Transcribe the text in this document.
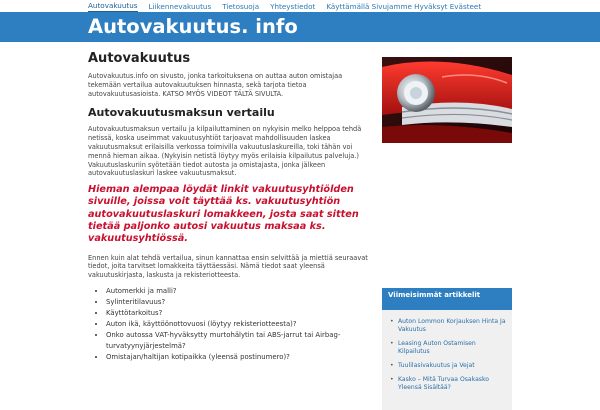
Autovakuutus Liikennevakuutus Tietosuoja Yhteystiedot Käyttämällä Sivujamme Hyväksyt Evästeet
Autovakuutus. info
Autovakuutus

Autovakuutus.info on sivusto, jonka tarkoituksena on auttaa auton omistajaa tekemään vertailua autovakuutuksen hinnasta, sekä tarjota tietoa autovakuutusasioista. KATSO MYÖS VIDEOT TÄLTÄ SIVULTA.

Autovakuutusmaksun vertailu

Autovakuutusmaksun vertailu ja kilpailuttaminen on nykyisin melko helppoa tehdä netissä, koska useimmat vakuutusyhtiöt tarjoavat mahdollisuuden laskea vakuutusmaksut erilaisilla verkossa toimivilla vakuutuslaskureilla, toki tähän voi mennä hieman aikaa. (Nykyisin netistä löytyy myös erilaisia kilpailutus palveluja.) Vakuutuslaskuriin syötetään tiedot autosta ja omistajasta, jonka jälkeen autovakuutuslaskuri laskee vakuutusmaksut.

Hieman alempaa löydät linkit vakuutusyhtiölden sivuille, joissa voit täyttää ks. vakuutusyhtiön autovakuutuslaskuri lomakkeen, josta saat sitten tietää paljonko autosi vakuutus maksaa ks. vakuutusyhtiössä.

Ennen kuin alat tehdä vertailua, sinun kannattaa ensin selvittää ja miettiä seuraavat tiedot, joita tarvitset lomakkeita täyttäessäsi. Nämä tiedot saat yleensä vakuutuskirjasta, laskusta ja rekisteriotteesta.

• Automerkki ja malli?
• Sylinteritilavuus?
• Käyttötarkoitus?
• Auton ikä, käyttöönottovuosi (löytyy rekisteriotteesta)?
• Onko autossa VAT-hyväksytty murtohälytin tai ABS-jarrut tai Airbag-turvatyynyjärjestelmä?
• Omistajan/haltijan kotipaikka (yleensä postinumero)?
Viimeisimmät artikkelit
• Auton Lommon Korjauksen Hinta Ja Vakuutus
• Leasing Auton Ostamisen Kilpailutus
• Tuulilasivakuutus ja Vejat
• Kasko – Mitä Turvaa Osakasko Yleensä Sisältää?
